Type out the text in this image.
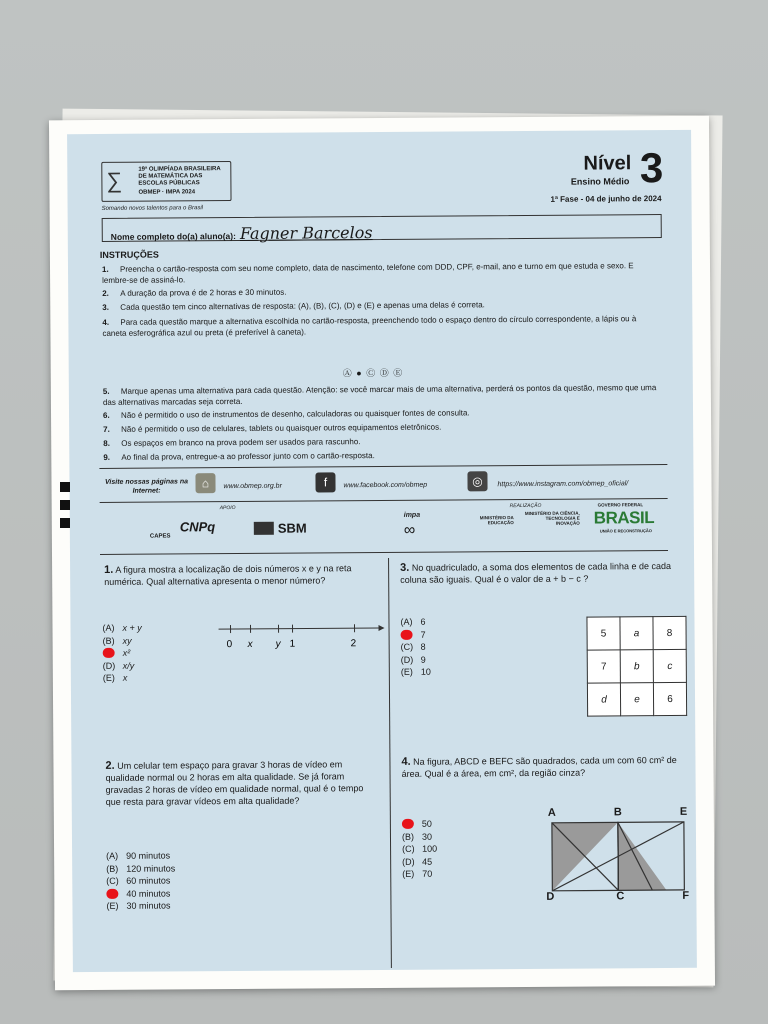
∑	19ª OLIMPÍADA BRASILEIRA DE MATEMÁTICA DAS ESCOLAS PÚBLICAS
OBMEP · IMPA 2024
Somando novos talentos para o Brasil
Nível 3
Ensino Médio
1ª Fase - 04 de junho de 2024
Nome completo do(a) aluno(a): Fagner Barcelos
INSTRUÇÕES
1. Preencha o cartão-resposta com seu nome completo, data de nascimento, telefone com DDD, CPF, e-mail, ano e turno em que estuda e sexo. E lembre-se de assiná-lo.
2. A duração da prova é de 2 horas e 30 minutos.
3. Cada questão tem cinco alternativas de resposta: (A), (B), (C), (D) e (E) e apenas uma delas é correta.
4. Para cada questão marque a alternativa escolhida no cartão-resposta, preenchendo todo o espaço dentro do círculo correspondente, a lápis ou à caneta esferográfica azul ou preta (é preferível à caneta).
Ⓐ ● Ⓒ Ⓓ Ⓔ
5. Marque apenas uma alternativa para cada questão. Atenção: se você marcar mais de uma alternativa, perderá os pontos da questão, mesmo que uma das alternativas marcadas seja correta.
6. Não é permitido o uso de instrumentos de desenho, calculadoras ou quaisquer fontes de consulta.
7. Não é permitido o uso de celulares, tablets ou quaisquer outros equipamentos eletrônicos.
8. Os espaços em branco na prova podem ser usados para rascunho.
9. Ao final da prova, entregue-a ao professor junto com o cartão-resposta.
Visite nossas páginas na Internet:
⌂	www.obmep.org.br	f	www.facebook.com/obmep	◎	https://www.instagram.com/obmep_oficial/
APOIO	REALIZAÇÃO
CAPES
CNPq	SBM
impa
∞
MINISTÉRIO DA EDUCAÇÃO
MINISTÉRIO DA CIÊNCIA, TECNOLOGIA E INOVAÇÃO
GOVERNO FEDERAL
BRASIL
UNIÃO E RECONSTRUÇÃO
1. A figura mostra a localização de dois números x e y na reta numérica. Qual alternativa apresenta o menor número?
(A) x + y
(B) xy
x²
(D) x/y
(E) x
0 x y 1	2
2. Um celular tem espaço para gravar 3 horas de vídeo em qualidade normal ou 2 horas em alta qualidade. Se já foram gravadas 2 horas de vídeo em qualidade normal, qual é o tempo que resta para gravar vídeos em alta qualidade?
(A) 90 minutos
(B) 120 minutos
(C) 60 minutos
40 minutos
(E) 30 minutos
3. No quadriculado, a soma dos elementos de cada linha e de cada coluna são iguais. Qual é o valor de a + b − c ?
(A) 6
7
(C) 8
(D) 9
(E) 10
5	a	8
7	b	c
d	e	6
4. Na figura, ABCD e BEFC são quadrados, cada um com 60 cm² de área. Qual é a área, em cm², da região cinza?
50
(B) 30
(C) 100
(D) 45
(E) 70
A	B	E
D	C	F
